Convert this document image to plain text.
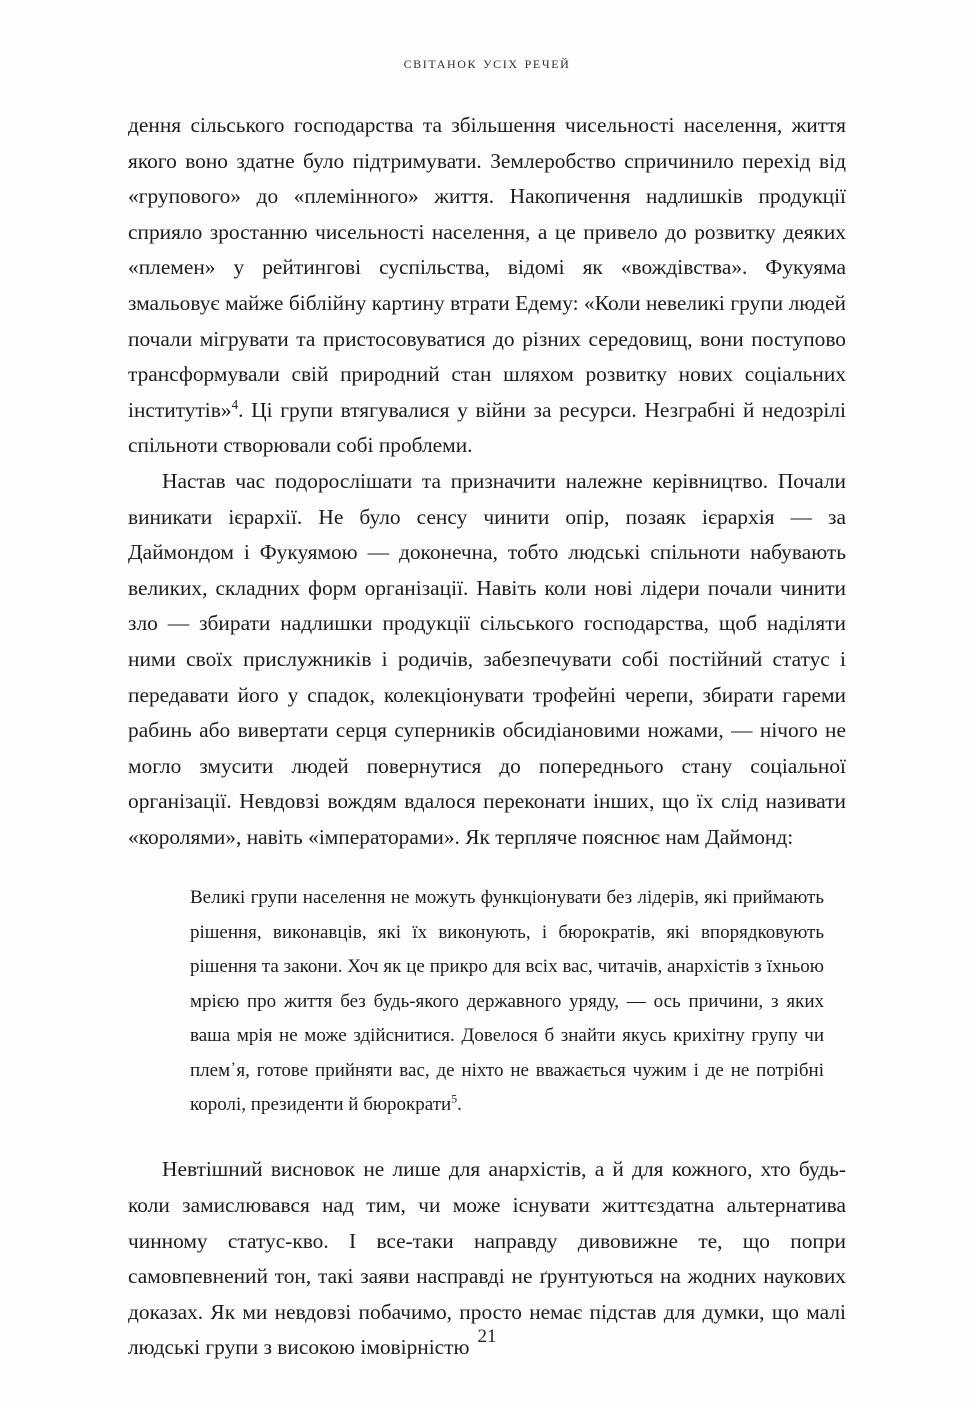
світанок усіх речей

дення сільського господарства та збільшення чисельності населення, життя якого воно здатне було підтримувати. Землеробство спричинило перехід від «групового» до «племінного» життя. Накопичення надлишків продукції сприяло зростанню чисельності населення, а це привело до розвитку деяких «племен» у рейтингові суспільства, відомі як «вождівства». Фукуяма змальовує майже біблійну картину втрати Едему: «Коли невеликі групи людей почали мігрувати та пристосовуватися до різних середовищ, вони поступово трансформували свій природний стан шляхом розвитку нових соціальних інститутів»$^4$. Ці групи втягувалися у війни за ресурси. Незграбні й недозрілі спільноти створювали собі проблеми.

Настав час подорослішати та призначити належне керівництво. Почали виникати ієрархії. Не було сенсу чинити опір, позаяк ієрархія — за Даймондом і Фукуямою — доконечна, тобто людські спільноти набувають великих, складних форм організації. Навіть коли нові лідери почали чинити зло — збирати надлишки продукції сільського господарства, щоб наділяти ними своїх прислужників і родичів, забезпечувати собі постійний статус і передавати його у спадок, колекціонувати трофейні черепи, збирати гареми рабинь або вивертати серця суперників обсидіановими ножами, — нічого не могло змусити людей повернутися до попереднього стану соціальної організації. Невдовзі вождям вдалося переконати інших, що їх слід називати «королями», навіть «імператорами». Як терпляче пояснює нам Даймонд:

Великі групи населення не можуть функціонувати без лідерів, які приймають рішення, виконавців, які їх виконують, і бюрократів, які впорядковують рішення та закони. Хоч як це прикро для всіх вас, читачів, анархістів з їхньою мрією про життя без будь-якого державного уряду, — ось причини, з яких ваша мрія не може здійснитися. Довелося б знайти якусь крихітну групу чи плем᾽я, готове прийняти вас, де ніхто не вважається чужим і де не потрібні королі, президенти й бюрократи$^5$.

Невтішний висновок не лише для анархістів, а й для кожного, хто будь-коли замислювався над тим, чи може існувати життєздатна альтернатива чинному статус-кво. І все-таки направду дивовижне те, що попри самовпевнений тон, такі заяви насправді не ґрунтуються на жодних наукових доказах. Як ми невдовзі побачимо, просто немає підстав для думки, що малі людські групи з високою імовірністю 21
